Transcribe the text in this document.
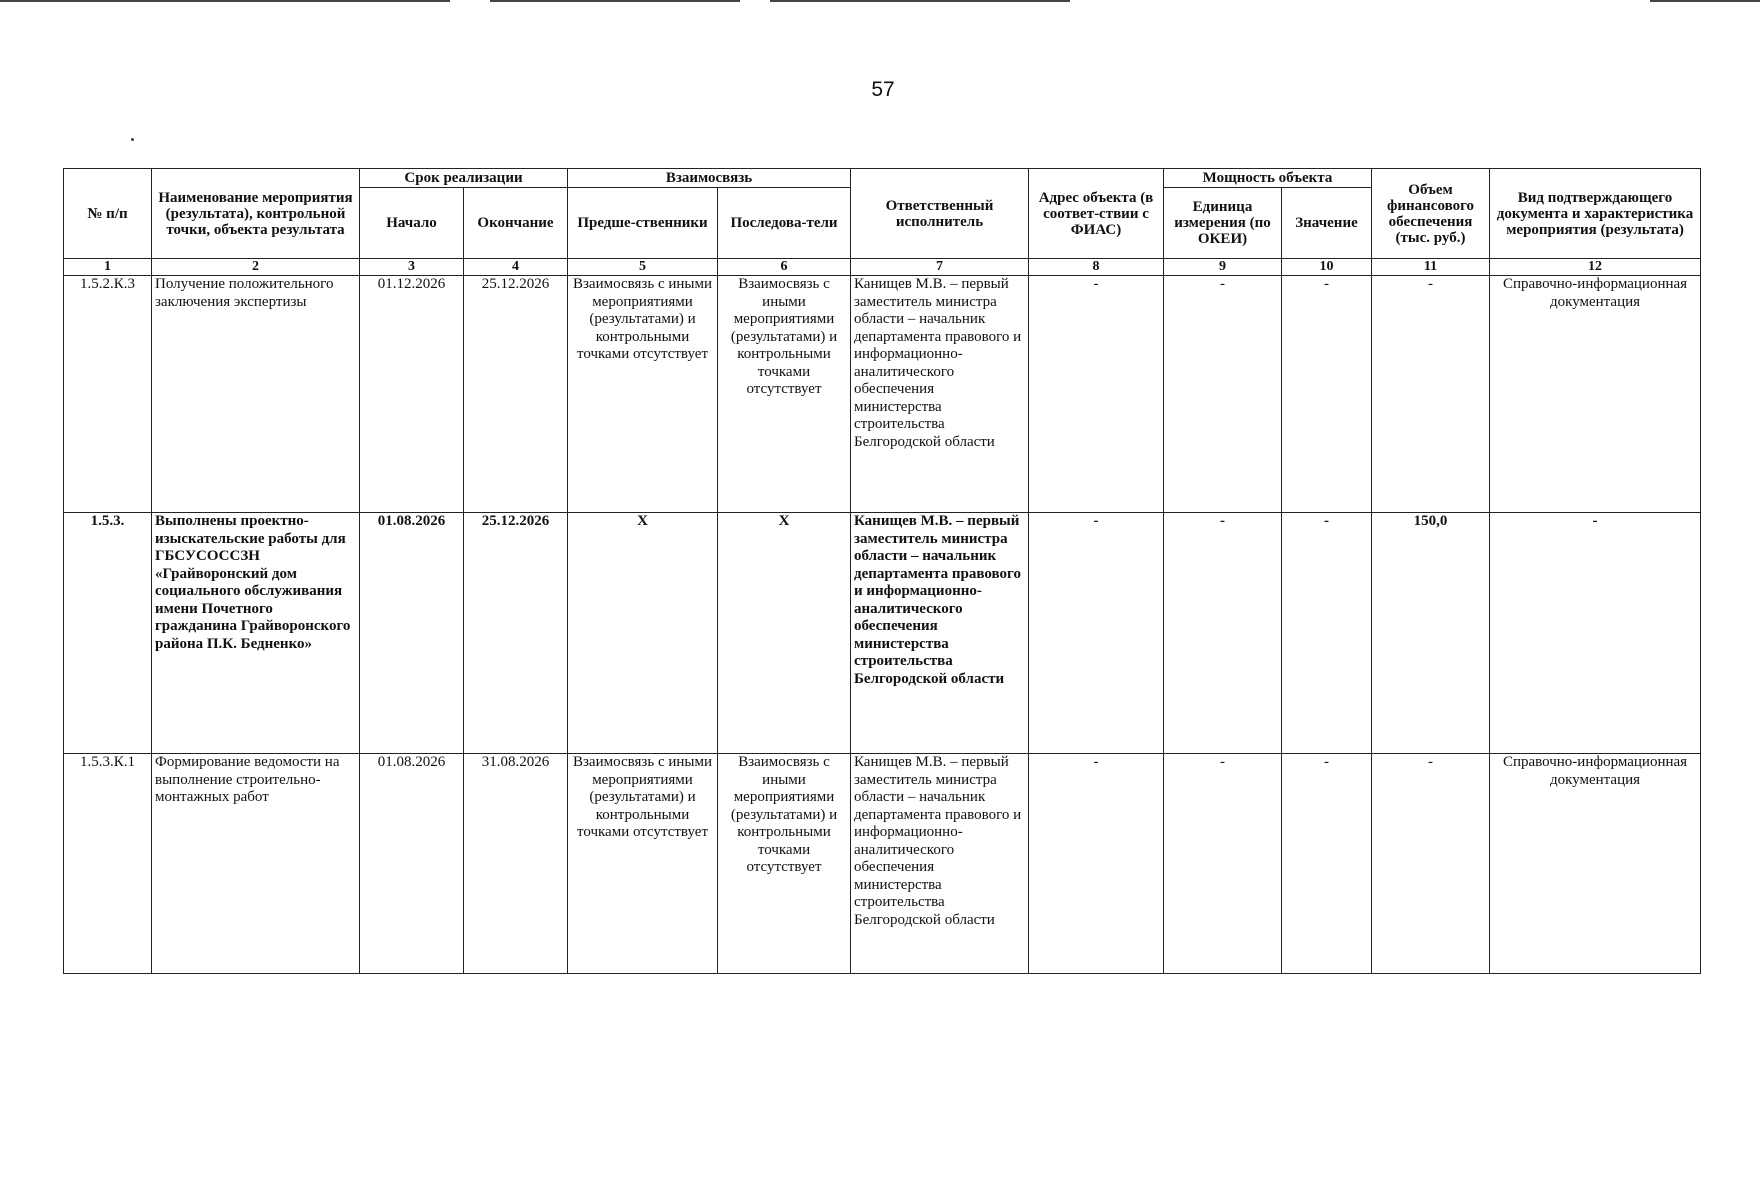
57
№ п/п	Наименование мероприятия (результата), контрольной точки, объекта результата	Срок реализации		Взаимосвязь		Ответственный исполнитель	Адрес объекта (в соответ-ствии с ФИАС)	Мощность объекта		Объем финансового обеспечения (тыс. руб.)	Вид подтверждающего документа и характеристика мероприятия (результата)
		Начало	Окончание	Предше-ственники	Последова-тели			Единица измерения (по ОКЕИ)	Значение		
1	2	3	4	5	6	7	8	9	10	11	12
1.5.2.К.3	Получение положительного заключения экспертизы	01.12.2026	25.12.2026	Взаимосвязь с иными мероприятиями (результатами) и контрольными точками отсутствует	Взаимосвязь с иными мероприятиями (результатами) и контрольными точками отсутствует	Канищев М.В. – первый заместитель министра области – начальник департамента правового и информационно-аналитического обеспечения министерства строительства Белгородской области	-	-	-	-	Справочно-информационная документация
1.5.3.	Выполнены проектно-изыскательские работы для ГБСУСОССЗН «Грайворонский дом социального обслуживания имени Почетного гражданина Грайворонского района П.К. Бедненко»	01.08.2026	25.12.2026	Х	Х	Канищев М.В. – первый заместитель министра области – начальник департамента правового и информационно-аналитического обеспечения министерства строительства Белгородской области	-	-	-	150,0	-
1.5.3.К.1	Формирование ведомости на выполнение строительно-монтажных работ	01.08.2026	31.08.2026	Взаимосвязь с иными мероприятиями (результатами) и контрольными точками отсутствует	Взаимосвязь с иными мероприятиями (результатами) и контрольными точками отсутствует	Канищев М.В. – первый заместитель министра области – начальник департамента правового и информационно-аналитического обеспечения министерства строительства Белгородской области	-	-	-	-	Справочно-информационная документация
